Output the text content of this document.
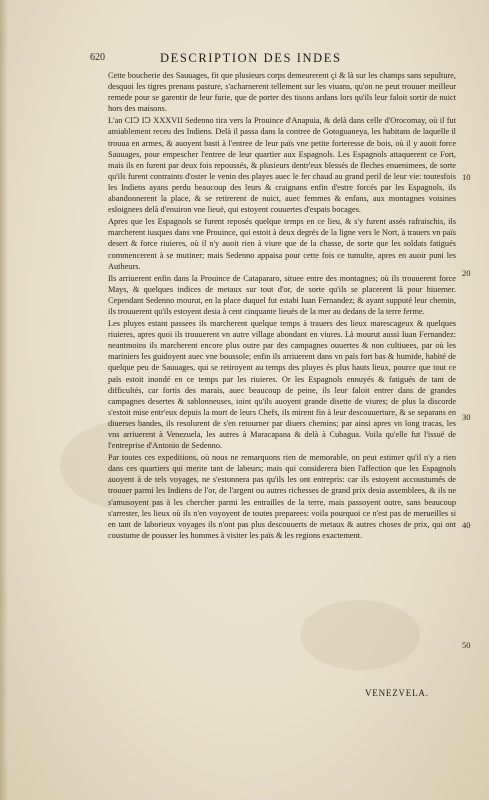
620	DESCRIPTION DES INDES

Cette boucherie des Sauuages, fit que plusieurs corps demeurerent çi & là sur les champs sans sepulture, desquoi les tigres prenans pasture, s'acharnerent tellement sur les viuans, qu'on ne peut trouuer meilleur remede pour se garentir de leur furie, que de porter des tisons ardans lors qu'ils leur faloit sortir de nuict hors des maisons.

L'an CIↃ IↃ XXXVII Sedenno tira vers la Prouince d'Anapuia, & delà dans celle d'Orocomay, où il fut amiablement receu des Indiens. Delà il passa dans la contree de Gotoguaneya, les habitans de laquelle il trouua en armes, & auoyent basti à l'entree de leur païs vne petite forteresse de bois, où il y auoit force Sauuages, pour empescher l'entree de leur quartier aux Espagnols. Les Espagnols attaquerent ce Fort, mais ils en furent par deux fois repoussés, & plusieurs dentr'eux blessés de fleches enuenimees, de sorte qu'ils furent contraints d'oster le venin des playes auec le fer chaud au grand peril de leur vie: toutesfois les Indiens ayans perdu beaucoup des leurs & craignans enfin d'estre forcés par les Espagnols, ils abandonnerent la place, & se retirerent de nuict, auec femmes & enfans, aux montagnes voisines esloignees delà d'enuiron vne lieuë, qui estoyent couuertes d'espais bocages.

Apres que les Espagnols se furent reposés quelque temps en ce lieu, & s'y furent assés rafraischis, ils marcherent iusques dans vne Prouince, qui estoit à deux degrés de la ligne vers le Nort, à trauers vn païs desert & force riuieres, où il n'y auoit rien à viure que de la chasse, de sorte que les soldats fatigués commencerent à se mutiner; mais Sedenno appaisa pour cette fois ce tumulte, apres en auoir puni les Autheurs.

Ils arriuerent enfin dans la Prouince de Catapararo, situee entre des montagnes; où ils trouuerent force Mays, & quelques indices de metaux sur tout d'or, de sorte qu'ils se placerent là pour hiuerner. Cependant Sedenno mourut, en la place duquel fut estabi Iuan Fernandez; & ayant supputé leur chemin, ils trouuerent qu'ils estoyent desia à cent cinquante lieuës de la mer au dedans de la terre ferme.

Les pluyes estant passees ils marcherent quelque temps à trauers des lieux marescageux & quelques riuieres, apres quoi ils trouuerent vn autre village abondant en viures. Là mourut aussi Iuan Fernandez: neantmoins ils marcherent encore plus outre par des campagnes ouuertes & non cultiuees, par où les mariniers les guidoyent auec vne boussole; enfin ils arriuerent dans vn païs fort bas & humide, habité de quelque peu de Sauuages, qui se retiroyent au temps des pluyes és plus hauts lieux, pource que tout ce païs estoit inondé en ce temps par les riuieres. Or les Espagnols ennuyés & fatigués de tant de difficultés, car fortis des marais, auec beaucoup de peine, ils leur faloit entrer dans de grandes campagnes desertes & sablonneuses, ioint qu'ils auoyent grande disette de viures; de plus la discorde s'estoit mise entr'eux depuis la mort de leurs Chefs, ils mirent fin à leur descouuerture, & se separans en diuerses bandes, ils resolurent de s'en retourner par diuers chemins; par ainsi apres vn long tracas, les vns arriuerent à Venezuela, les autres à Maracapana & delà à Cubagua. Voila qu'elle fut l'issuë de l'entreprise d'Antonio de Sedenno.

Par toutes ces expeditions, où nous ne remarquons rien de memorable, on peut estimer qu'il n'y a rien dans ces quartiers qui merite tant de labeurs; mais qui considerera bien l'affection que les Espagnols auoyent à de tels voyages, ne s'estonnera pas qu'ils les ont entrepris: car ils estoyent accoustumés de trouuer parmi les Indiens de l'or, de l'argent ou autres richesses de grand prix desia assemblees, & ils ne s'amusoyent pas à les chercher parmi les entrailles de la terre, mais passoyent outre, sans beaucoup s'arrester, les lieux où ils n'en voyoyent de toutes preparees: voila pourquoi ce n'est pas de merueilles si en tant de laborieux voyages ils n'ont pas plus descouuerts de metaux & autres choses de prix, qui ont coustume de pousser les hommes à visiter les païs & les regions exactement.

10
20
30
40
50
VENEZVELA.
